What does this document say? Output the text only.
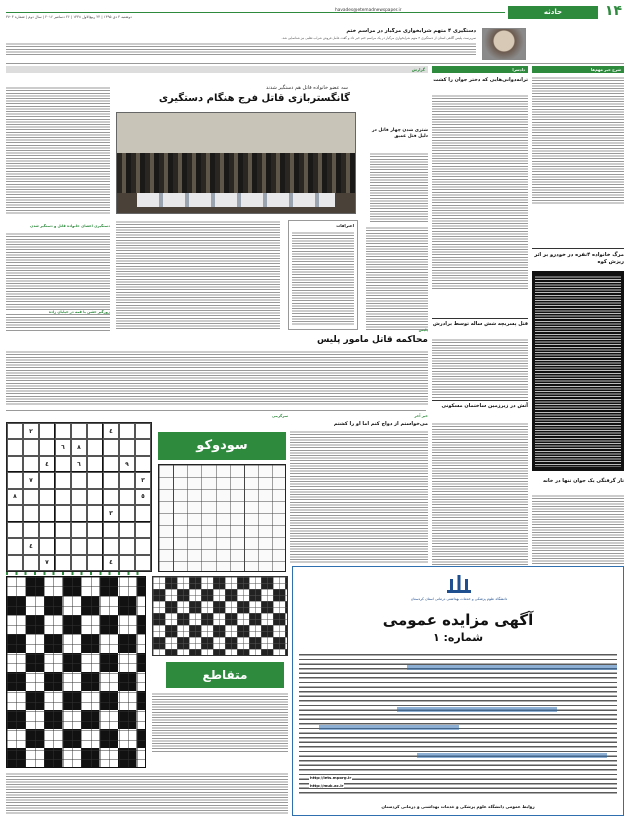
۱۴
حادثه
havades@etemadnewspaper.ir
دوشنبه ۴ دی ۱۳۹۵ | ۲۴ ربیع‌الاول ۱۴۳۸ | ۲۶ دسامبر ۲۰۱۶ | سال دوم | شماره ۳۷۰۳
دستگیری ۴ متهم شرابخواری مرگبار در مراسم ختم
سرپرست پلیس آگاهی استان از دستگیری ۴ متهم شرابخواری مرگبار در یک مراسم ختم خبر داد و گفت عامل فروش شراب تقلبی نیز شناسایی شد.
شرح خبر مهم‌ها
مرگ خانواده ۴نفره در خودرو بر اثر ریزش کوه
تار گرفتگی یک جوان تنها در خانه
دادسرا
ترانه‌دوانی‌هایی که دختر جوان را کشت
قتل پسربچه شش ساله توسط برادرش
آتش در زیرزمین ساختمان مسکونی
گزارش
سه عضو خانواده قاتل هم دستگیر شدند
گانگستربازی قاتل فرج هنگام دستگیری
شتری شدن چهار قاتل در دلیل قتل عمیق
دستگیری اعضای خانواده قاتل و دستگیر شدن
زورگیر خشن با قمه در خیابان زاده
اعترافات
پلیس
محاکمه قاتل مامور پلیس
خبر آخر
می‌خواستم از دواج کنم اما او را کشتم
سرگرمی
سودوکو
٢	٤
٦	٨
٤	٦	٩
٧	٣
٨	٥
٣
٤
٧	٤
متقاطع
دانشگاه علوم پزشکی و خدمات بهداشتی درمانی استان کردستان
آگهی مزایده عمومی
شماره: ۱
http://iets.mporg.ir
http://muk.ac.ir
روابط عمومی دانشگاه علوم پزشکی و خدمات بهداشتی و درمانی کردستان
